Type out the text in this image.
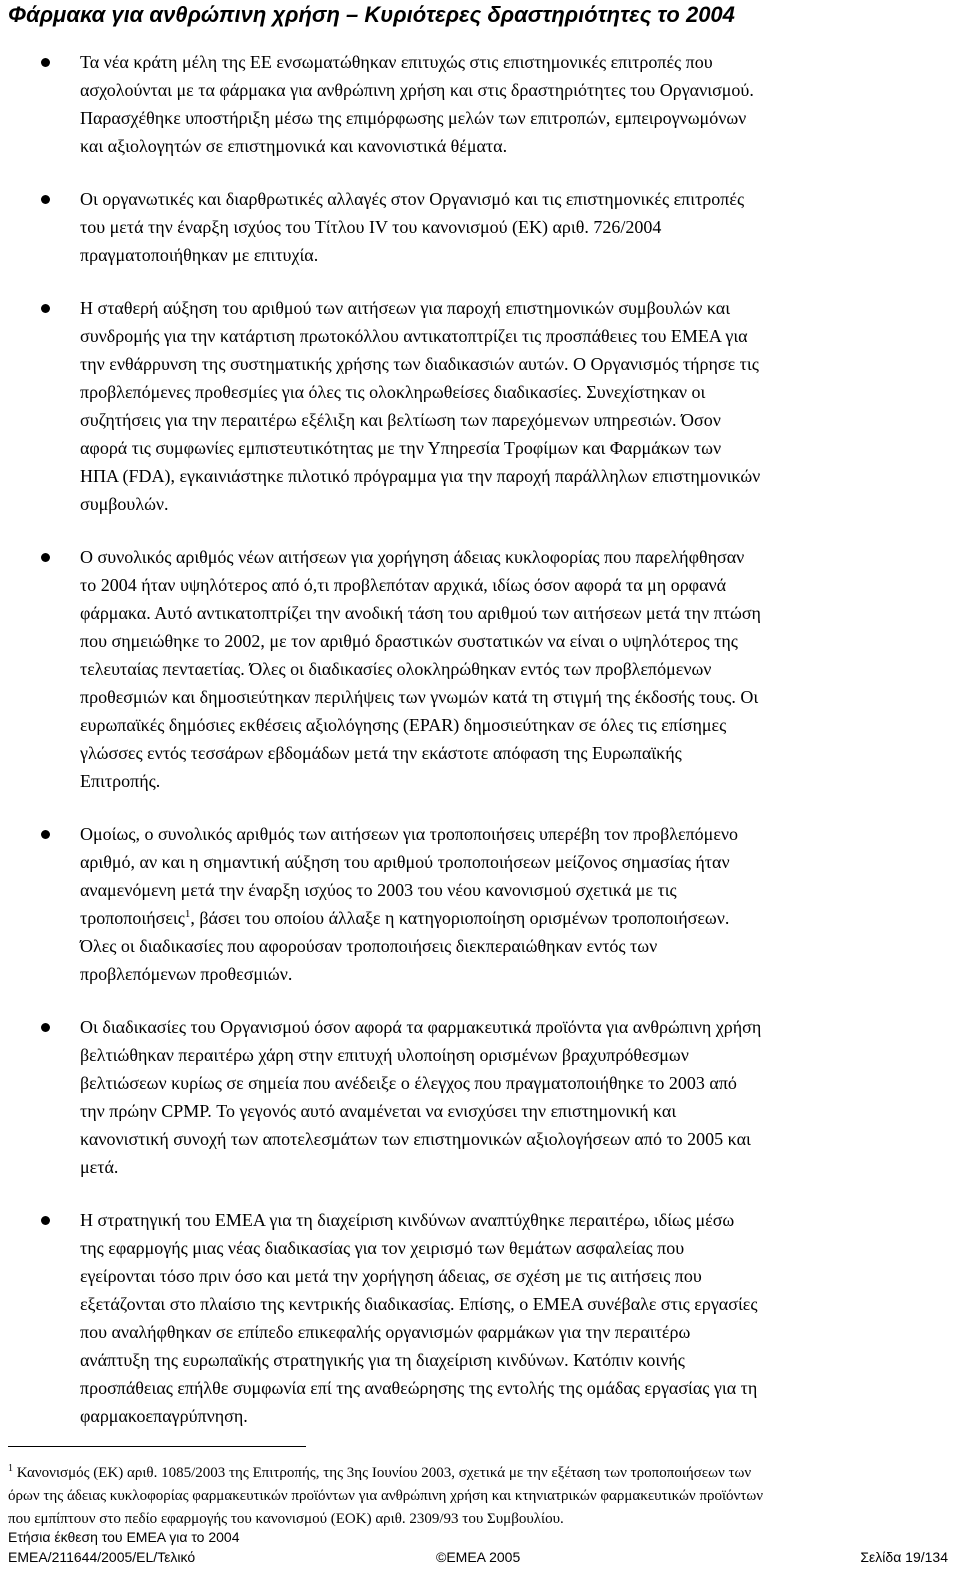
Φάρμακα για ανθρώπινη χρήση – Κυριότερες δραστηριότητες το 2004
Τα νέα κράτη μέλη της ΕΕ ενσωματώθηκαν επιτυχώς στις επιστημονικές επιτροπές που
ασχολούνται με τα φάρμακα για ανθρώπινη χρήση και στις δραστηριότητες του Οργανισμού.
Παρασχέθηκε υποστήριξη μέσω της επιμόρφωσης μελών των επιτροπών, εμπειρογνωμόνων
και αξιολογητών σε επιστημονικά και κανονιστικά θέματα.
Οι οργανωτικές και διαρθρωτικές αλλαγές στον Οργανισμό και τις επιστημονικές επιτροπές
του μετά την έναρξη ισχύος του Τίτλου IV του κανονισμού (ΕΚ) αριθ. 726/2004
πραγματοποιήθηκαν με επιτυχία.
Η σταθερή αύξηση του αριθμού των αιτήσεων για παροχή επιστημονικών συμβουλών και
συνδρομής για την κατάρτιση πρωτοκόλλου αντικατοπτρίζει τις προσπάθειες του ΕΜΕΑ για
την ενθάρρυνση της συστηματικής χρήσης των διαδικασιών αυτών. Ο Οργανισμός τήρησε τις
προβλεπόμενες προθεσμίες για όλες τις ολοκληρωθείσες διαδικασίες. Συνεχίστηκαν οι
συζητήσεις για την περαιτέρω εξέλιξη και βελτίωση των παρεχόμενων υπηρεσιών. Όσον
αφορά τις συμφωνίες εμπιστευτικότητας με την Υπηρεσία Τροφίμων και Φαρμάκων των
ΗΠΑ (FDA), εγκαινιάστηκε πιλοτικό πρόγραμμα για την παροχή παράλληλων επιστημονικών
συμβουλών.
Ο συνολικός αριθμός νέων αιτήσεων για χορήγηση άδειας κυκλοφορίας που παρελήφθησαν
το 2004 ήταν υψηλότερος από ό,τι προβλεπόταν αρχικά, ιδίως όσον αφορά τα μη ορφανά
φάρμακα. Αυτό αντικατοπτρίζει την ανοδική τάση του αριθμού των αιτήσεων μετά την πτώση
που σημειώθηκε το 2002, με τον αριθμό δραστικών συστατικών να είναι ο υψηλότερος της
τελευταίας πενταετίας. Όλες οι διαδικασίες ολοκληρώθηκαν εντός των προβλεπόμενων
προθεσμιών και δημοσιεύτηκαν περιλήψεις των γνωμών κατά τη στιγμή της έκδοσής τους. Οι
ευρωπαϊκές δημόσιες εκθέσεις αξιολόγησης (EPAR) δημοσιεύτηκαν σε όλες τις επίσημες
γλώσσες εντός τεσσάρων εβδομάδων μετά την εκάστοτε απόφαση της Ευρωπαϊκής
Επιτροπής.
Ομοίως, ο συνολικός αριθμός των αιτήσεων για τροποποιήσεις υπερέβη τον προβλεπόμενο
αριθμό, αν και η σημαντική αύξηση του αριθμού τροποποιήσεων μείζονος σημασίας ήταν
αναμενόμενη μετά την έναρξη ισχύος το 2003 του νέου κανονισμού σχετικά με τις
τροποποιήσεις$^1$, βάσει του οποίου άλλαξε η κατηγοριοποίηση ορισμένων τροποποιήσεων.
Όλες οι διαδικασίες που αφορούσαν τροποποιήσεις διεκπεραιώθηκαν εντός των
προβλεπόμενων προθεσμιών.
Οι διαδικασίες του Οργανισμού όσον αφορά τα φαρμακευτικά προϊόντα για ανθρώπινη χρήση
βελτιώθηκαν περαιτέρω χάρη στην επιτυχή υλοποίηση ορισμένων βραχυπρόθεσμων
βελτιώσεων κυρίως σε σημεία που ανέδειξε ο έλεγχος που πραγματοποιήθηκε το 2003 από
την πρώην CPMP. Το γεγονός αυτό αναμένεται να ενισχύσει την επιστημονική και
κανονιστική συνοχή των αποτελεσμάτων των επιστημονικών αξιολογήσεων από το 2005 και
μετά.
Η στρατηγική του ΕΜΕΑ για τη διαχείριση κινδύνων αναπτύχθηκε περαιτέρω, ιδίως μέσω
της εφαρμογής μιας νέας διαδικασίας για τον χειρισμό των θεμάτων ασφαλείας που
εγείρονται τόσο πριν όσο και μετά την χορήγηση άδειας, σε σχέση με τις αιτήσεις που
εξετάζονται στο πλαίσιο της κεντρικής διαδικασίας. Επίσης, ο ΕΜΕΑ συνέβαλε στις εργασίες
που αναλήφθηκαν σε επίπεδο επικεφαλής οργανισμών φαρμάκων για την περαιτέρω
ανάπτυξη της ευρωπαϊκής στρατηγικής για τη διαχείριση κινδύνων. Κατόπιν κοινής
προσπάθειας επήλθε συμφωνία επί της αναθεώρησης της εντολής της ομάδας εργασίας για τη
φαρμακοεπαγρύπνηση.
$^1$ Κανονισμός (ΕΚ) αριθ. 1085/2003 της Επιτροπής, της 3ης Ιουνίου 2003, σχετικά με την εξέταση των τροποποιήσεων των
όρων της άδειας κυκλοφορίας φαρμακευτικών προϊόντων για ανθρώπινη χρήση και κτηνιατρικών φαρμακευτικών προϊόντων
που εμπίπτουν στο πεδίο εφαρμογής του κανονισμού (ΕΟΚ) αριθ. 2309/93 του Συμβουλίου.
Ετήσια έκθεση του ΕΜΕΑ για το 2004
EMEA/211644/2005/EL/Τελικό	©ΕΜΕΑ 2005	Σελίδα 19/134
